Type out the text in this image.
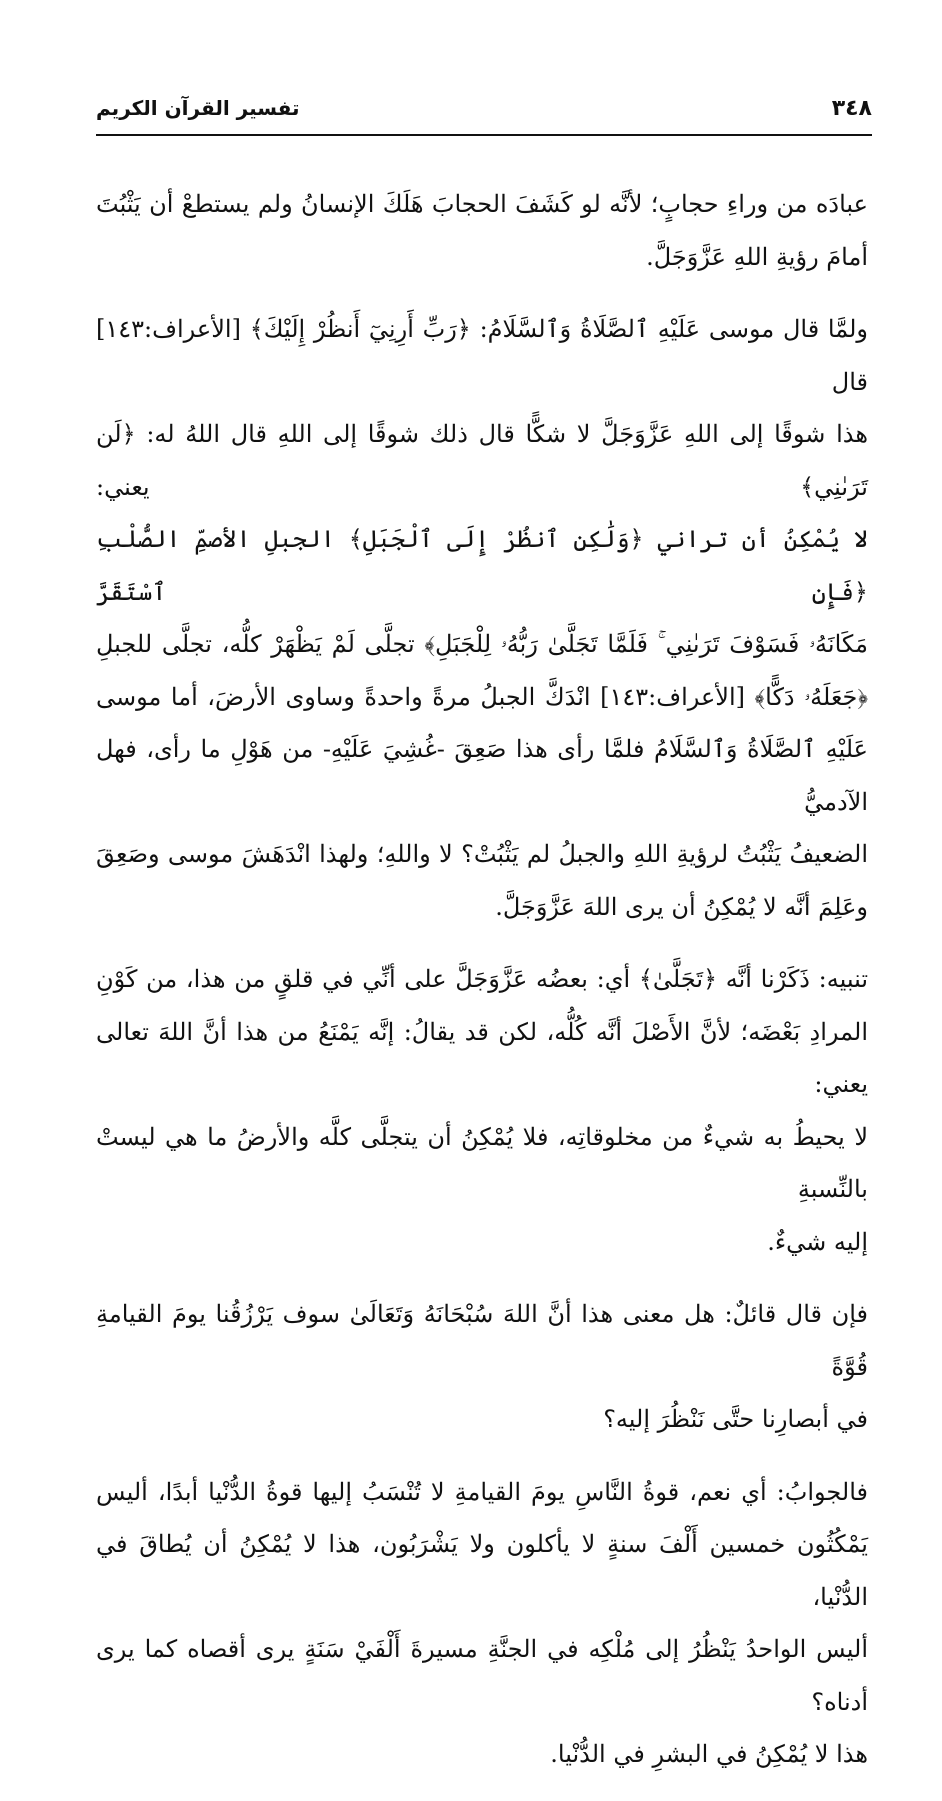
٣٤٨
تفسير القرآن الكريم
عبادَه من وراءِ حجابٍ؛ لأنَّه لو كَشَفَ الحجابَ هَلَكَ الإنسانُ ولم يستطعْ أن يَثْبُتَ
أمامَ رؤيةِ اللهِ عَزَّوَجَلَّ.
ولمَّا قال موسى عَلَيْهِ ٱلصَّلَاةُ وَٱلسَّلَامُ: ﴿رَبِّ أَرِنِيٓ أَنظُرْ إِلَيْكَ﴾ [الأعراف:١٤٣] قال
هذا شوقًا إلى اللهِ عَزَّوَجَلَّ لا شكًّا قال ذلك شوقًا إلى اللهِ قال اللهُ له: ﴿لَن تَرَىٰنِي﴾ يعني:
لا يُمْكِنُ أن تراني ﴿وَلَٰكِنِ ٱنظُرْ إِلَى ٱلْجَبَلِ﴾ الجبلِ الأصمِّ الصُّلْبِ ﴿فَإِنِ ٱسْتَقَرَّ
مَكَانَهُۥ فَسَوْفَ تَرَىٰنِي ۚ فَلَمَّا تَجَلَّىٰ رَبُّهُۥ لِلْجَبَلِ﴾ تجلَّى لَمْ يَظْهَرْ كلُّه، تجلَّى للجبلِ
﴿جَعَلَهُۥ دَكًّا﴾ [الأعراف:١٤٣] انْدَكَّ الجبلُ مرةً واحدةً وساوى الأرضَ، أما موسى
عَلَيْهِ ٱلصَّلَاةُ وَٱلسَّلَامُ فلمَّا رأى هذا صَعِقَ -غُشِيَ عَلَيْهِ- من هَوْلِ ما رأى، فهل الآدميُّ
الضعيفُ يَثْبُتُ لرؤيةِ اللهِ والجبلُ لم يَثْبُتْ؟ لا واللهِ؛ ولهذا انْدَهَشَ موسى وصَعِقَ
وعَلِمَ أنَّه لا يُمْكِنُ أن يرى اللهَ عَزَّوَجَلَّ.
تنبيه: ذَكَرْنا أنَّه ﴿تَجَلَّىٰ﴾ أي: بعضُه عَزَّوَجَلَّ على أنِّي في قلقٍ من هذا، من كَوْنِ
المرادِ بَعْضَه؛ لأنَّ الأَصْلَ أنَّه كُلُّه، لكن قد يقالُ: إنَّه يَمْنَعُ من هذا أنَّ اللهَ تعالى يعني:
لا يحيطُ به شيءٌ من مخلوقاتِه، فلا يُمْكِنُ أن يتجلَّى كلَّه والأرضُ ما هي ليستْ بالنِّسبةِ
إليه شيءٌ.
فإن قال قائلٌ: هل معنى هذا أنَّ اللهَ سُبْحَانَهُ وَتَعَالَىٰ سوف يَرْزُقُنا يومَ القيامةِ قُوَّةً
في أبصارِنا حتَّى نَنْظُرَ إليه؟
فالجوابُ: أي نعم، قوةُ النَّاسِ يومَ القيامةِ لا تُنْسَبُ إليها قوةُ الدُّنْيا أبدًا، أليس
يَمْكُثُون خمسين أَلْفَ سنةٍ لا يأكلون ولا يَشْرَبُون، هذا لا يُمْكِنُ أن يُطاقَ في الدُّنْيا،
أليس الواحدُ يَنْظُرُ إلى مُلْكِه في الجنَّةِ مسيرةَ أَلْفَيْ سَنَةٍ يرى أقصاه كما يرى أدناه؟
هذا لا يُمْكِنُ في البشرِ في الدُّنْيا.
